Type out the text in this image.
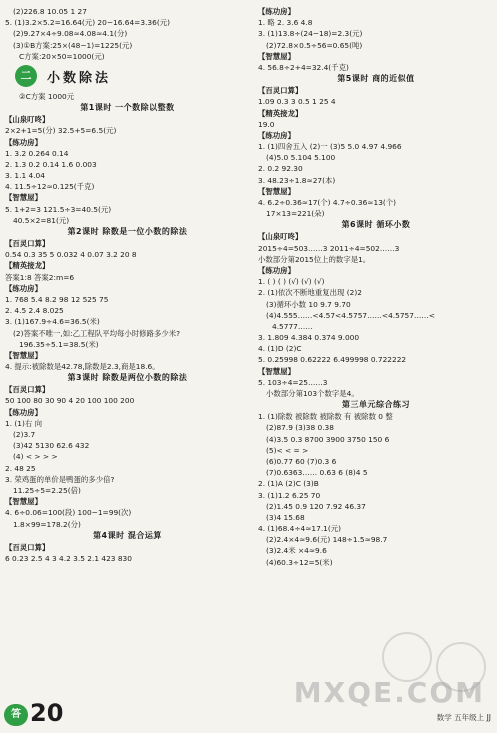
(2)226.8 10.05 1 27
5. (1)3.2×5.2=16.64(元) 20−16.64=3.36(元)
(2)9.27×4÷9.08≈4.08≈4.1(分)
(3)①B方案:25×(48−1)=1225(元)
C方案:20×50=1000(元)
二	小数除法
②C方案 1000元
第1课时 一个数除以整数
【山泉叮咚】
2×2+1=5(分) 32.5+5=6.5(元)
【练功房】
1. 3.2 0.264 0.14
2. 1.3 0.2 0.14 1.6 0.003
3. 1.1 4.04
4. 11.5÷12≈0.125(千克)
【智慧屋】
5. 1+2=3 121.5÷3=40.5(元)
40.5×2=81(元)
第2课时 除数是一位小数的除法
【百灵口算】
0.54 0.3 35 5 0.032 4 0.07 3.2 20 8
【精英接龙】
答案1:8 答案2:m=6
【练功房】
1. 768 5.4 8.2 98 12 525 75
2. 4.5 2.4 8.025
3. (1)167.9÷4.6=36.5(米)
(2)答案不唯一,如:乙工程队平均每小时修路多少米?
196.35÷5.1=38.5(米)
【智慧屋】
4. 提示:被除数是42.78,除数是2.3,商是18.6。
第3课时 除数是两位小数的除法
【百灵口算】
50 100 80 30 90 4 20 100 100 200
【练功房】
1. (1)右 向
(2)3.7
(3)42 5130 62.6 432
(4) < > > >
2. 48 25
3. 荣鸡蛋的单价是鸭蛋的多少倍?
11.25÷5=2.25(倍)
【智慧屋】
4. 6÷0.06=100(段) 100−1=99(次)
1.8×99=178.2(分)
第4课时 混合运算
【百灵口算】
6 0.23 2.5 4 3 4.2 3.5 2.1 423 830
【练功房】
1. 略 2. 3.6 4.8
3. (1)13.8÷(24−18)=2.3(元)
(2)72.8×0.5÷56=0.65(吨)
【智慧屋】
4. 56.8÷2+4=32.4(千克)
第5课时 商的近似值
【百灵口算】
1.09 0.3 3 0.5 1 25 4
【精英接龙】
19.0
【练功房】
1. (1)四舍五入 (2)一 (3)5 5.0 4.97 4.966
(4)5.0 5.104 5.100
2. 0.2 92.30
3. 48.23÷1.8≈27(本)
【智慧屋】
4. 6.2÷0.36≈17(个) 4.7÷0.36≈13(个)
17×13=221(朵)
第6课时 循环小数
【山泉叮咚】
2015÷4=503……3 2011÷4=502……3
小数部分第2015位上的数字是1。
【练功房】
1. ( ) ( ) (√) (√) (√)
2. (1)依次不断地重复出现 (2)2
(3)循环小数 10 9.7 9.70
(4)4.555……<4.57<4.5757……<4.5757……<
4.5777……
3. 1.809 4.384 0.374 9.000
4. (1)D (2)C
5. 0.25998 0.62222 6.499998 0.722222
【智慧屋】
5. 103÷4=25……3
小数部分第103个数字是4。
第三单元综合练习
1. (1)除数 被除数 被除数 有 被除数 0 整
(2)87.9 (3)38 0.38
(4)3.5 0.3 8700 3900 3750 150 6
(5)< < = >
(6)0.77 60 (7)0.3 6
(7)0.6363…… 0.63 6 (8)4 5
2. (1)A (2)C (3)B
3. (1)1.2 6.25 70
(2)1.45 0.9 120 7.92 46.37
(3)4 15.68
4. (1)68.4÷4≈17.1(元)
(2)2.4×4≈9.6(元) 148÷1.5≈98.7
(3)2.4米 ×4≈9.6
(4)60.3÷12=5(米)
答 20	数学 五年级上 JJ
MXQE.COM
